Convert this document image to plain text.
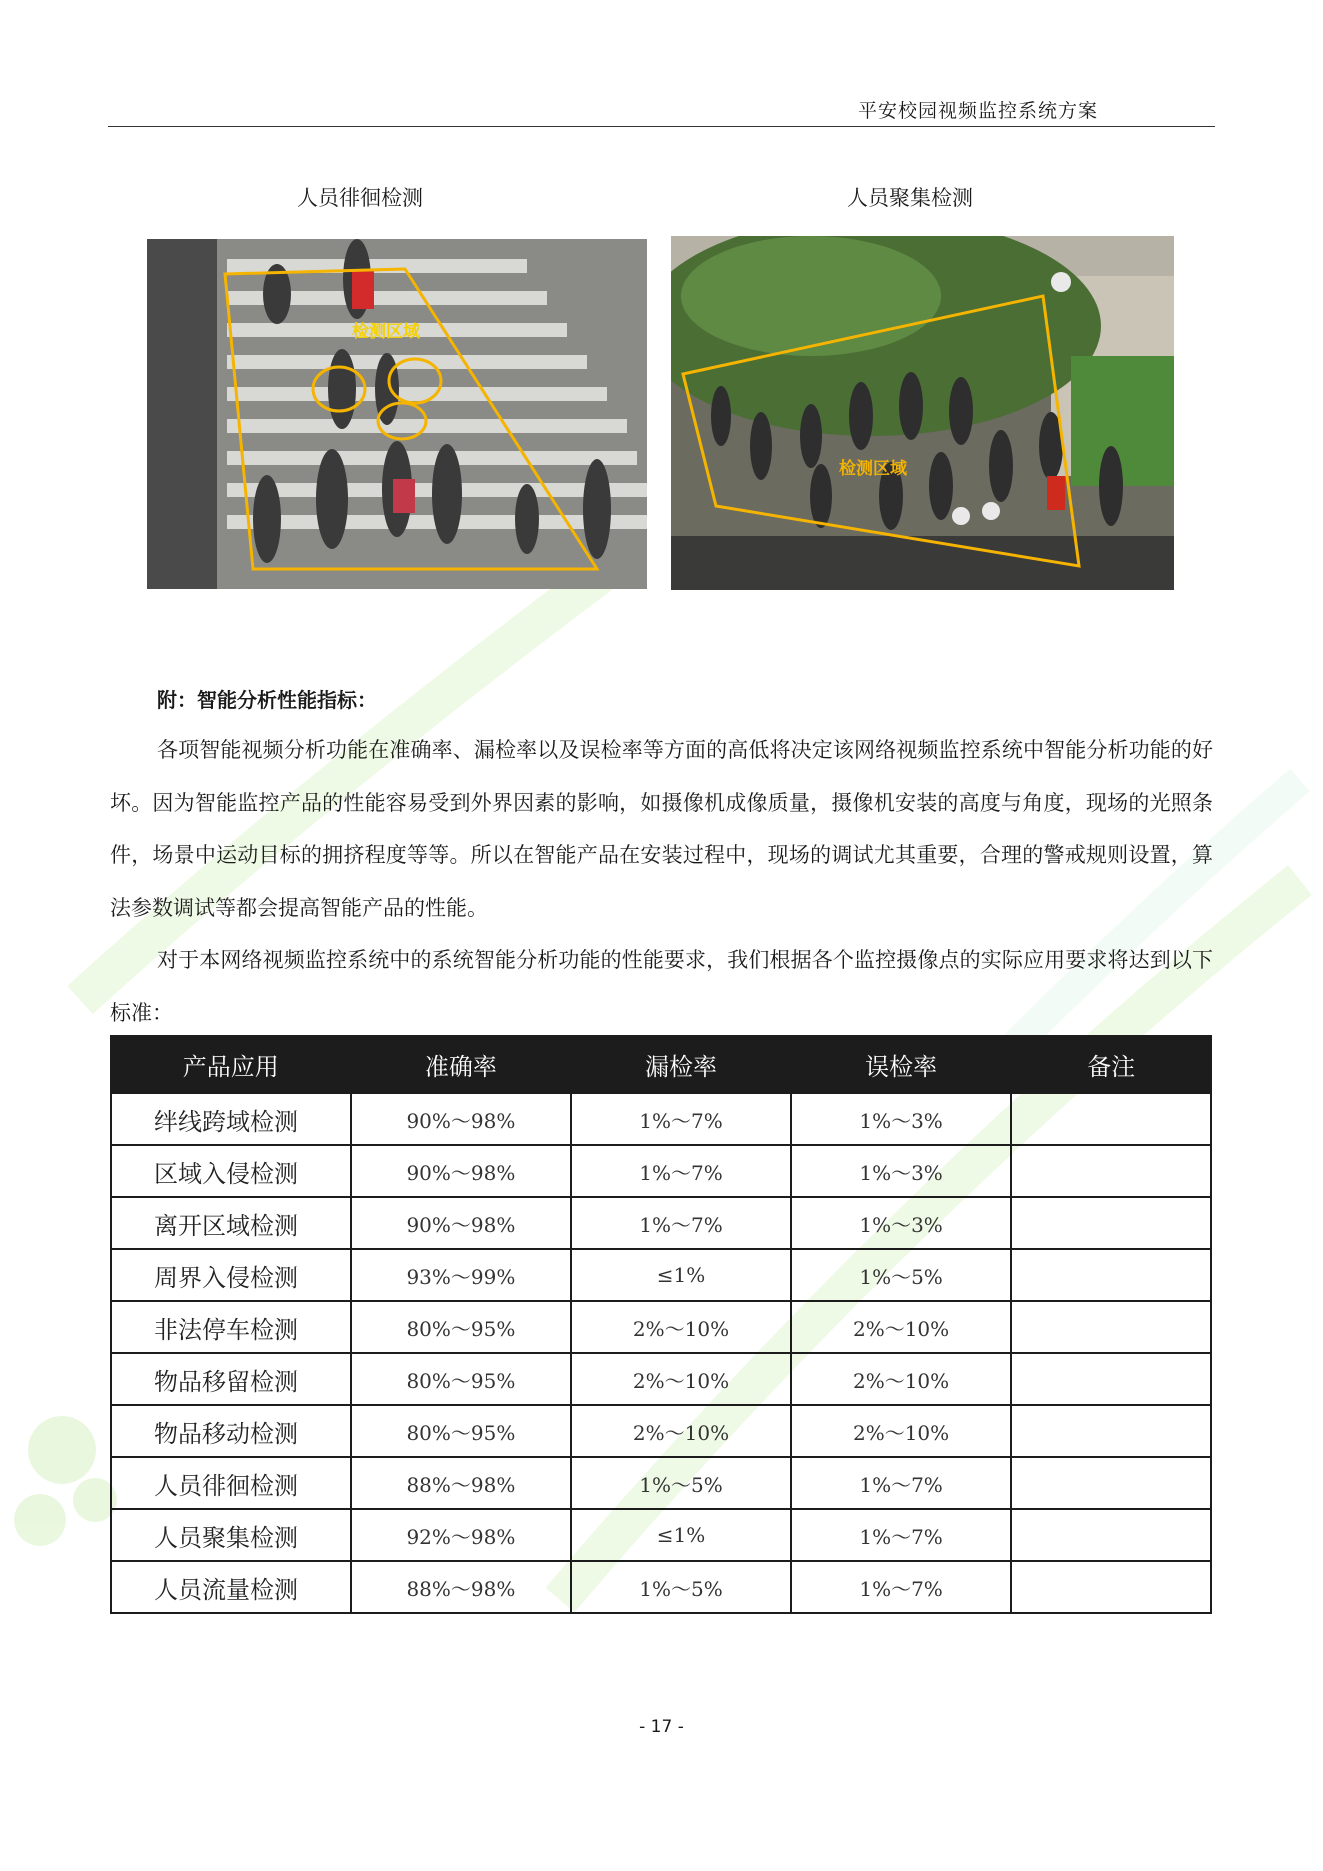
平安校园视频监控系统方案
人员徘徊检测
检测区域
人员聚集检测
检测区域
附：智能分析性能指标：

各项智能视频分析功能在准确率、漏检率以及误检率等方面的高低将决定该网络视频监控系统中智能分析功能的好坏。因为智能监控产品的性能容易受到外界因素的影响，如摄像机成像质量，摄像机安装的高度与角度，现场的光照条件，场景中运动目标的拥挤程度等等。所以在智能产品在安装过程中，现场的调试尤其重要，合理的警戒规则设置，算法参数调试等都会提高智能产品的性能。

对于本网络视频监控系统中的系统智能分析功能的性能要求，我们根据各个监控摄像点的实际应用要求将达到以下标准：

产品应用	准确率	漏检率	误检率	备注
绊线跨域检测	90%～98%	1%～7%	1%～3%	
区域入侵检测	90%～98%	1%～7%	1%～3%	
离开区域检测	90%～98%	1%～7%	1%～3%	
周界入侵检测	93%～99%	≤1%	1%～5%	
非法停车检测	80%～95%	2%～10%	2%～10%	
物品移留检测	80%～95%	2%～10%	2%～10%	
物品移动检测	80%～95%	2%～10%	2%～10%	
人员徘徊检测	88%～98%	1%～5%	1%～7%	
人员聚集检测	92%～98%	≤1%	1%～7%	
人员流量检测	88%～98%	1%～5%	1%～7%	
- 17 -
